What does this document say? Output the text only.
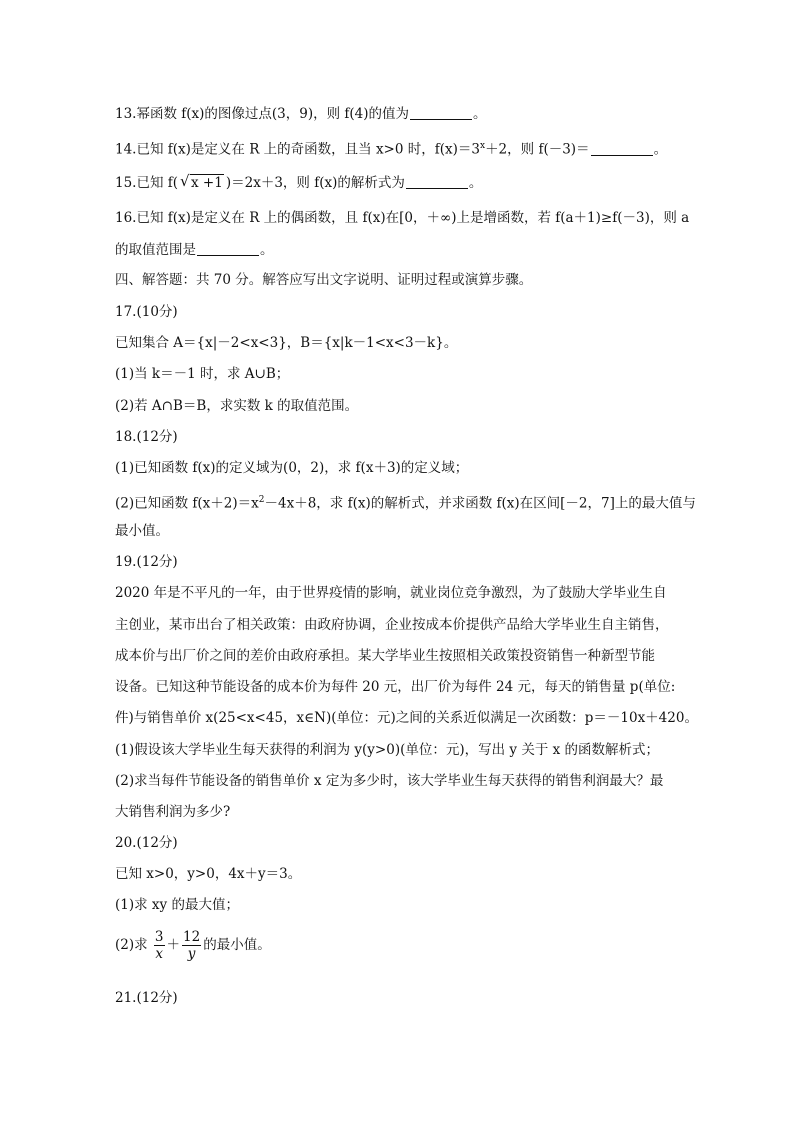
13.幂函数 f(x)的图像过点(3，9)，则 f(4)的值为	。
14.已知 f(x)是定义在 R 上的奇函数，且当 x>0 时，$f(x)=3^x+2$，则 f(－3)＝	。
15.已知 f(√ x +1 )＝2x＋3，则 f(x)的解析式为	。
16.已知 f(x)是定义在 R 上的偶函数，且 f(x)在[0，＋∞)上是增函数，若 f(a＋1)≥f(－3)，则 a
的取值范围是	。
四、解答题：共 70 分。解答应写出文字说明、证明过程或演算步骤。
17.(10分)
已知集合 A＝{x|－2<x<3}，B＝{x|k－1<x<3－k}。
(1)当 k＝－1 时，求 A∪B；
(2)若 A∩B＝B，求实数 k 的取值范围。
18.(12分)
(1)已知函数 f(x)的定义域为(0，2)，求 f(x＋3)的定义域；
(2)已知函数 $f(x+2)=x^2-4x+8$，求 f(x)的解析式，并求函数 f(x)在区间[－2，7]上的最大值与
最小值。
19.(12分)
2020 年是不平凡的一年，由于世界疫情的影响，就业岗位竞争激烈，为了鼓励大学毕业生自
主创业，某市出台了相关政策：由政府协调，企业按成本价提供产品给大学毕业生自主销售，
成本价与出厂价之间的差价由政府承担。某大学毕业生按照相关政策投资销售一种新型节能
设备。已知这种节能设备的成本价为每件 20 元，出厂价为每件 24 元，每天的销售量 p(单位:
件)与销售单价 x(25<x<45，x∈N)(单位：元)之间的关系近似满足一次函数：p＝－10x＋420。
(1)假设该大学毕业生每天获得的利润为 y(y>0)(单位：元)，写出 y 关于 x 的函数解析式；
(2)求当每件节能设备的销售单价 x 定为多少时，该大学毕业生每天获得的销售利润最大？最
大销售利润为多少?
20.(12分)
已知 x>0，y>0，4x＋y＝3。
(1)求 xy 的最大值；
(2)求 $\frac{3}{x} + \frac{12}{y}$ 的最小值。
21.(12分)
